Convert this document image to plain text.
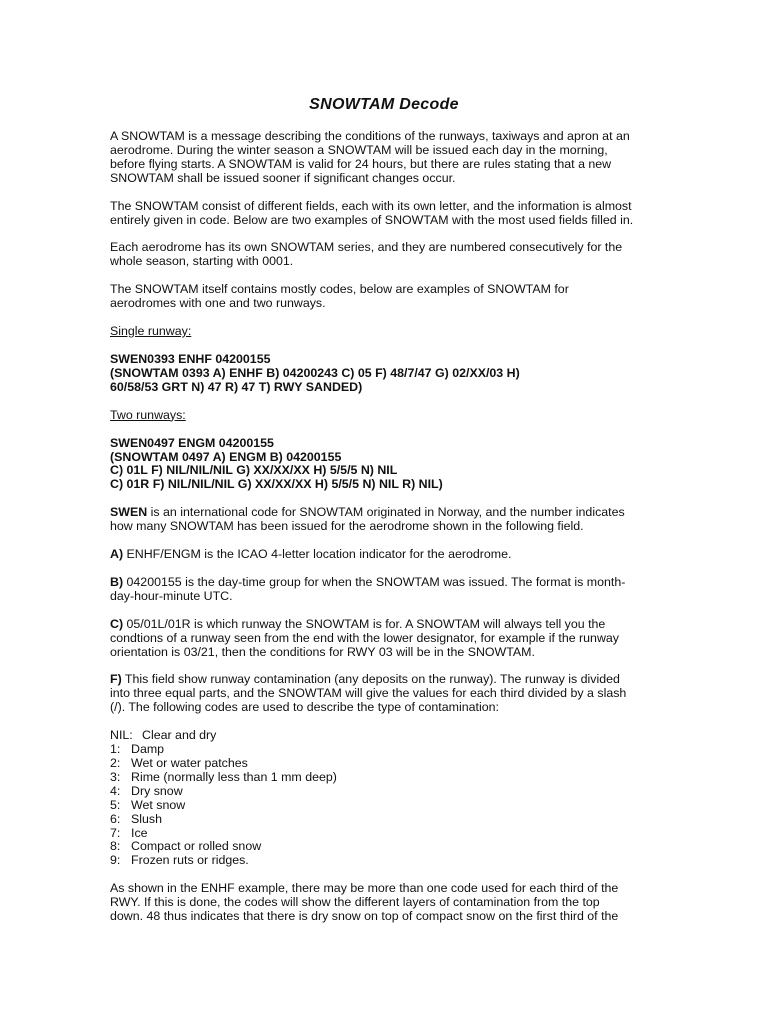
SNOWTAM Decode

A SNOWTAM is a message describing the conditions of the runways, taxiways and apron at an
aerodrome. During the winter season a SNOWTAM will be issued each day in the morning,
before flying starts. A SNOWTAM is valid for 24 hours, but there are rules stating that a new
SNOWTAM shall be issued sooner if significant changes occur.

The SNOWTAM consist of different fields, each with its own letter, and the information is almost
entirely given in code. Below are two examples of SNOWTAM with the most used fields filled in.

Each aerodrome has its own SNOWTAM series, and they are numbered consecutively for the
whole season, starting with 0001.

The SNOWTAM itself contains mostly codes, below are examples of SNOWTAM for
aerodromes with one and two runways.

Single runway:

SWEN0393 ENHF 04200155
(SNOWTAM 0393 A) ENHF B) 04200243 C) 05 F) 48/7/47 G) 02/XX/03 H)
60/58/53 GRT N) 47 R) 47 T) RWY SANDED)

Two runways:

SWEN0497 ENGM 04200155
(SNOWTAM 0497 A) ENGM B) 04200155
C) 01L F) NIL/NIL/NIL G) XX/XX/XX H) 5/5/5 N) NIL
C) 01R F) NIL/NIL/NIL G) XX/XX/XX H) 5/5/5 N) NIL R) NIL)

SWEN is an international code for SNOWTAM originated in Norway, and the number indicates
how many SNOWTAM has been issued for the aerodrome shown in the following field.

A) ENHF/ENGM is the ICAO 4-letter location indicator for the aerodrome.

B) 04200155 is the day-time group for when the SNOWTAM was issued. The format is month-
day-hour-minute UTC.

C) 05/01L/01R is which runway the SNOWTAM is for. A SNOWTAM will always tell you the
condtions of a runway seen from the end with the lower designator, for example if the runway
orientation is 03/21, then the conditions for RWY 03 will be in the SNOWTAM.

F) This field show runway contamination (any deposits on the runway). The runway is divided
into three equal parts, and the SNOWTAM will give the values for each third divided by a slash
(/). The following codes are used to describe the type of contamination:

NIL: Clear and dry
1: Damp
2: Wet or water patches
3: Rime (normally less than 1 mm deep)
4: Dry snow
5: Wet snow
6: Slush
7: Ice
8: Compact or rolled snow
9: Frozen ruts or ridges.

As shown in the ENHF example, there may be more than one code used for each third of the
RWY. If this is done, the codes will show the different layers of contamination from the top
down. 48 thus indicates that there is dry snow on top of compact snow on the first third of the
